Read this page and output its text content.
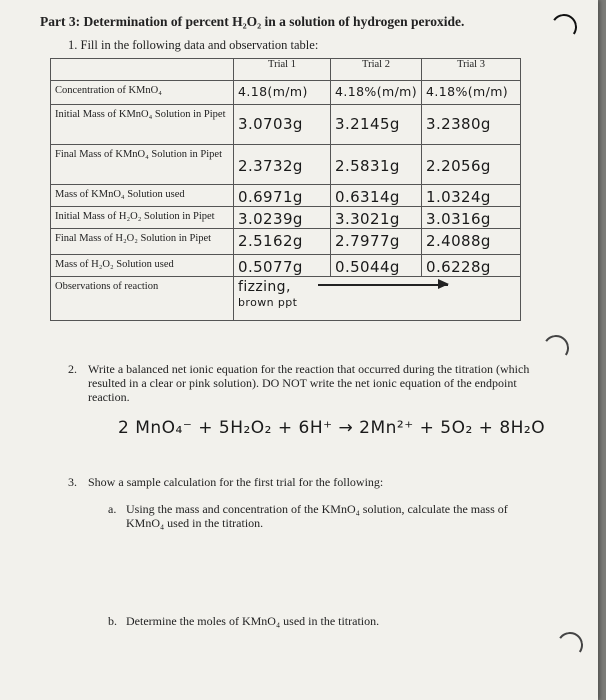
Part 3: Determination of percent H₂O₂ in a solution of hydrogen peroxide.
1. Fill in the following data and observation table:
	Trial 1	Trial 2	Trial 3
Concentration of KMnO₄	4.18(m/m)	4.18%(m/m)	4.18%(m/m)
Initial Mass of KMnO₄ Solution in Pipet	3.0703g	3.2145g	3.2380g
Final Mass of KMnO₄ Solution in Pipet	2.3732g	2.5831g	2.2056g
Mass of KMnO₄ Solution used	0.6971g	0.6314g	1.0324g
Initial Mass of H₂O₂ Solution in Pipet	3.0239g	3.3021g	3.0316g
Final Mass of H₂O₂ Solution in Pipet	2.5162g	2.7977g	2.4088g
Mass of H₂O₂ Solution used	0.5077g	0.5044g	0.6228g
Observations of reaction	fizzing,
brown ppt		
2. Write a balanced net ionic equation for the reaction that occurred during the titration (which resulted in a clear or pink solution). DO NOT write the net ionic equation of the endpoint reaction.
2 MnO₄⁻ + 5H₂O₂ + 6H⁺ → 2Mn²⁺ + 5O₂ + 8H₂O
3. Show a sample calculation for the first trial for the following:
a. Using the mass and concentration of the KMnO₄ solution, calculate the mass of KMnO₄ used in the titration.
b. Determine the moles of KMnO₄ used in the titration.
